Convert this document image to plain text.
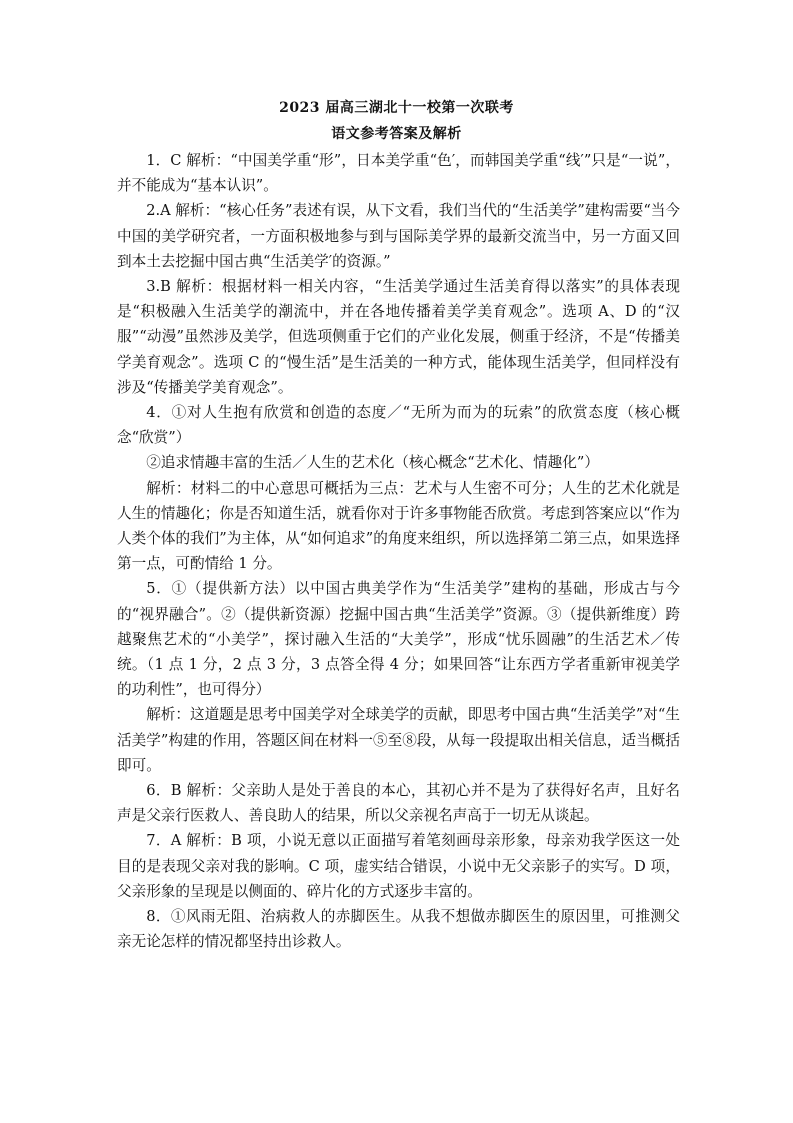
2023 届高三湖北十一校第一次联考
语文参考答案及解析

1．C 解析：“中国美学重“形”，日本美学重“色′，而韩国美学重“线′”只是“一说”，并不能成为“基本认识”。

2.A 解析：“核心任务”表述有误，从下文看，我们当代的“生活美学”建构需要“当今中国的美学研究者，一方面积极地参与到与国际美学界的最新交流当中，另一方面又回到本土去挖掘中国古典“生活美学′的资源。”

3.B 解析：根据材料一相关内容，“生活美学通过生活美育得以落实”的具体表现是“积极融入生活美学的潮流中，并在各地传播着美学美育观念”。选项 A、D 的“汉服”“动漫”虽然涉及美学，但选项侧重于它们的产业化发展，侧重于经济，不是“传播美学美育观念”。选项 C 的“慢生活”是生活美的一种方式，能体现生活美学，但同样没有涉及“传播美学美育观念”。

4．①对人生抱有欣赏和创造的态度／“无所为而为的玩索”的欣赏态度（核心概念“欣赏”）

②追求情趣丰富的生活／人生的艺术化（核心概念“艺术化、情趣化”）

解析：材料二的中心意思可概括为三点：艺术与人生密不可分；人生的艺术化就是人生的情趣化；你是否知道生活，就看你对于许多事物能否欣赏。考虑到答案应以“作为人类个体的我们”为主体，从“如何追求”的角度来组织，所以选择第二第三点，如果选择第一点，可酌情给 1 分。

5．①（提供新方法）以中国古典美学作为“生活美学”建构的基础，形成古与今的“视界融合”。②（提供新资源）挖掘中国古典“生活美学”资源。③（提供新维度）跨越聚焦艺术的“小美学”，探讨融入生活的“大美学”，形成“忧乐圆融”的生活艺术／传统。（1 点 1 分，2 点 3 分，3 点答全得 4 分；如果回答“让东西方学者重新审视美学的功利性”，也可得分）

解析：这道题是思考中国美学对全球美学的贡献，即思考中国古典“生活美学”对“生活美学”构建的作用，答题区间在材料一⑤至⑧段，从每一段提取出相关信息，适当概括即可。

6．B 解析：父亲助人是处于善良的本心，其初心并不是为了获得好名声，且好名声是父亲行医救人、善良助人的结果，所以父亲视名声高于一切无从谈起。

7．A 解析：B 项，小说无意以正面描写着笔刻画母亲形象，母亲劝我学医这一处目的是表现父亲对我的影响。C 项，虚实结合错误，小说中无父亲影子的实写。D 项，父亲形象的呈现是以侧面的、碎片化的方式逐步丰富的。

8．①风雨无阻、治病救人的赤脚医生。从我不想做赤脚医生的原因里，可推测父亲无论怎样的情况都坚持出诊救人。
